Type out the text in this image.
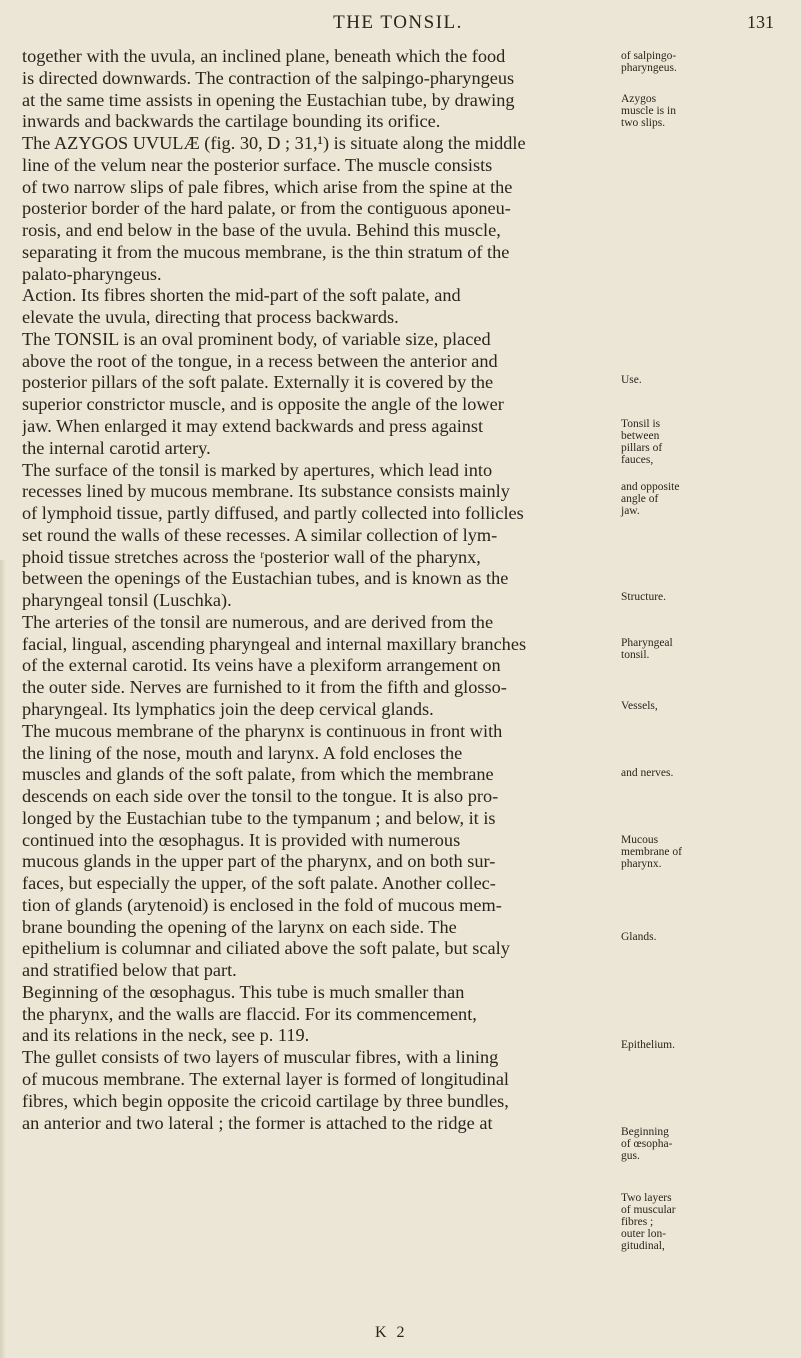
THE TONSIL.	131
together with the uvula, an inclined plane, beneath which the food
is directed downwards. The contraction of the salpingo-pharyngeus
at the same time assists in opening the Eustachian tube, by drawing
inwards and backwards the cartilage bounding its orifice.
The AZYGOS UVULÆ (fig. 30, D ; 31,¹) is situate along the middle
line of the velum near the posterior surface. The muscle consists
of two narrow slips of pale fibres, which arise from the spine at the
posterior border of the hard palate, or from the contiguous aponeu-
rosis, and end below in the base of the uvula. Behind this muscle,
separating it from the mucous membrane, is the thin stratum of the
palato-pharyngeus.
Action. Its fibres shorten the mid-part of the soft palate, and
elevate the uvula, directing that process backwards.
The TONSIL is an oval prominent body, of variable size, placed
above the root of the tongue, in a recess between the anterior and
posterior pillars of the soft palate. Externally it is covered by the
superior constrictor muscle, and is opposite the angle of the lower
jaw. When enlarged it may extend backwards and press against
the internal carotid artery.
The surface of the tonsil is marked by apertures, which lead into
recesses lined by mucous membrane. Its substance consists mainly
of lymphoid tissue, partly diffused, and partly collected into follicles
set round the walls of these recesses. A similar collection of lym-
phoid tissue stretches across the ʳposterior wall of the pharynx,
between the openings of the Eustachian tubes, and is known as the
pharyngeal tonsil (Luschka).
The arteries of the tonsil are numerous, and are derived from the
facial, lingual, ascending pharyngeal and internal maxillary branches
of the external carotid. Its veins have a plexiform arrangement on
the outer side. Nerves are furnished to it from the fifth and glosso-
pharyngeal. Its lymphatics join the deep cervical glands.
The mucous membrane of the pharynx is continuous in front with
the lining of the nose, mouth and larynx. A fold encloses the
muscles and glands of the soft palate, from which the membrane
descends on each side over the tonsil to the tongue. It is also pro-
longed by the Eustachian tube to the tympanum ; and below, it is
continued into the œsophagus. It is provided with numerous
mucous glands in the upper part of the pharynx, and on both sur-
faces, but especially the upper, of the soft palate. Another collec-
tion of glands (arytenoid) is enclosed in the fold of mucous mem-
brane bounding the opening of the larynx on each side. The
epithelium is columnar and ciliated above the soft palate, but scaly
and stratified below that part.
Beginning of the œsophagus. This tube is much smaller than
the pharynx, and the walls are flaccid. For its commencement,
and its relations in the neck, see p. 119.
The gullet consists of two layers of muscular fibres, with a lining
of mucous membrane. The external layer is formed of longitudinal
fibres, which begin opposite the cricoid cartilage by three bundles,
an anterior and two lateral ; the former is attached to the ridge at
of salpingo-
pharyngeus.
Azygos
muscle is in
two slips.
Use.
Tonsil is
between
pillars of
fauces,
and opposite
angle of
jaw.
Structure.
Pharyngeal
tonsil.
Vessels,
and nerves.
Mucous
membrane of
pharynx.
Glands.
Epithelium.
Beginning
of œsopha-
gus.
Two layers
of muscular
fibres ;
outer lon-
gitudinal,
K 2
